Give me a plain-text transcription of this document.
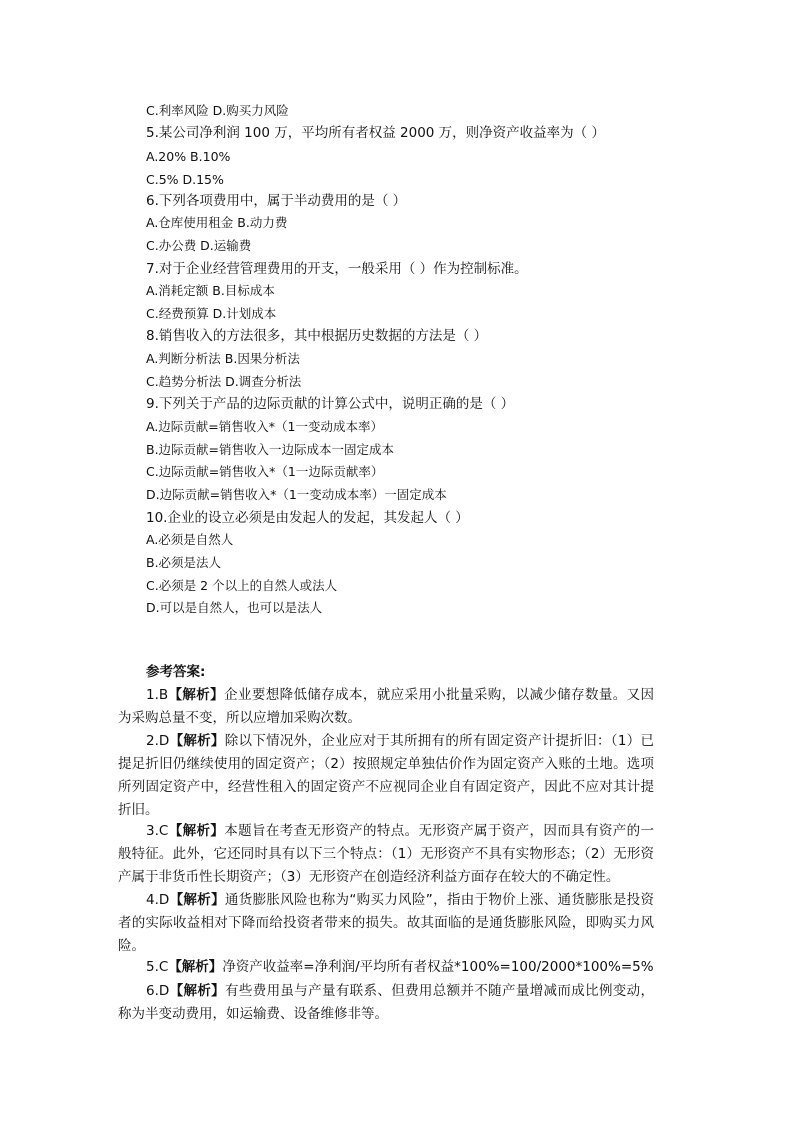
C.利率风险 D.购买力风险
5.某公司净利润 100 万，平均所有者权益 2000 万，则净资产收益率为（ ）
A.20% B.10%
C.5% D.15%
6.下列各项费用中，属于半动费用的是（ ）
A.仓库使用租金 B.动力费
C.办公费 D.运输费
7.对于企业经营管理费用的开支，一般采用（ ）作为控制标准。
A.消耗定额 B.目标成本
C.经费预算 D.计划成本
8.销售收入的方法很多，其中根据历史数据的方法是（ ）
A.判断分析法 B.因果分析法
C.趋势分析法 D.调查分析法
9.下列关于产品的边际贡献的计算公式中，说明正确的是（ ）
A.边际贡献=销售收入*（1一变动成本率）
B.边际贡献=销售收入一边际成本一固定成本
C.边际贡献=销售收入*（1一边际贡献率）
D.边际贡献=销售收入*（1一变动成本率）一固定成本
10.企业的设立必须是由发起人的发起，其发起人（ ）
A.必须是自然人
B.必须是法人
C.必须是 2 个以上的自然人或法人
D.可以是自然人，也可以是法人
参考答案:
1.B【解析】企业要想降低储存成本，就应采用小批量采购，以减少储存数量。又因为采购总量不变，所以应增加采购次数。
2.D【解析】除以下情况外，企业应对于其所拥有的所有固定资产计提折旧：（1）已提足折旧仍继续使用的固定资产；（2）按照规定单独估价作为固定资产入账的土地。选项所列固定资产中，经营性租入的固定资产不应视同企业自有固定资产，因此不应对其计提折旧。
3.C【解析】本题旨在考查无形资产的特点。无形资产属于资产，因而具有资产的一般特征。此外，它还同时具有以下三个特点：（1）无形资产不具有实物形态；（2）无形资产属于非货币性长期资产；（3）无形资产在创造经济利益方面存在较大的不确定性。
4.D【解析】通货膨胀风险也称为“购买力风险”，指由于物价上涨、通货膨胀是投资者的实际收益相对下降而给投资者带来的损失。故其面临的是通货膨胀风险，即购买力风险。
5.C【解析】净资产收益率=净利润/平均所有者权益*100%=100/2000*100%=5%
6.D【解析】有些费用虽与产量有联系、但费用总额并不随产量增减而成比例变动，称为半变动费用，如运输费、设备维修非等。
